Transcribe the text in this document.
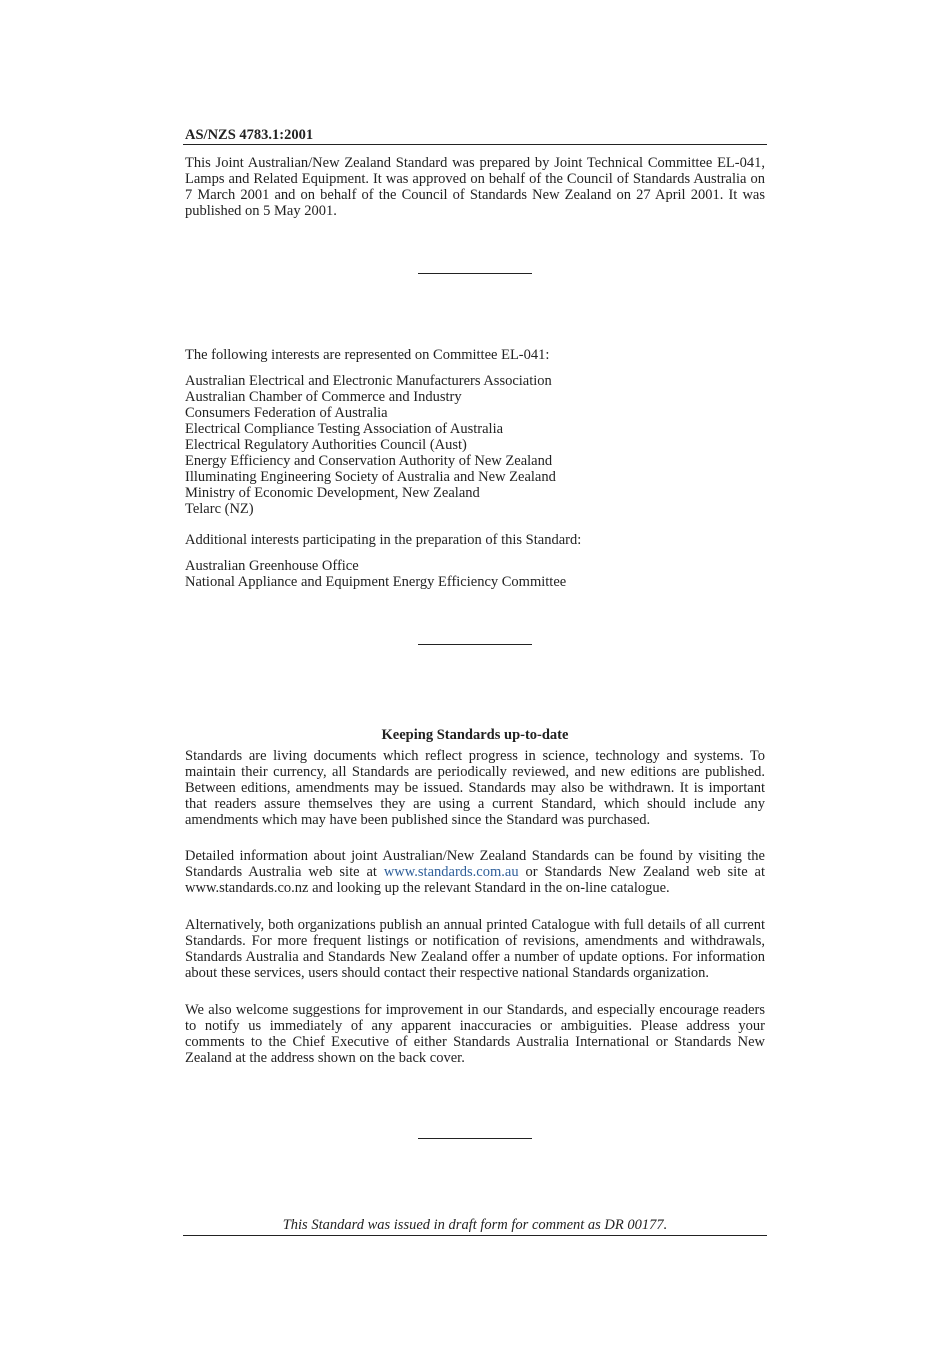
AS/NZS 4783.1:2001
This Joint Australian/New Zealand Standard was prepared by Joint Technical Committee EL-041, Lamps and Related Equipment. It was approved on behalf of the Council of Standards Australia on 7 March 2001 and on behalf of the Council of Standards New Zealand on 27 April 2001. It was published on 5 May 2001.
The following interests are represented on Committee EL-041:
Australian Electrical and Electronic Manufacturers Association
Australian Chamber of Commerce and Industry
Consumers Federation of Australia
Electrical Compliance Testing Association of Australia
Electrical Regulatory Authorities Council (Aust)
Energy Efficiency and Conservation Authority of New Zealand
Illuminating Engineering Society of Australia and New Zealand
Ministry of Economic Development, New Zealand
Telarc (NZ)
Additional interests participating in the preparation of this Standard:
Australian Greenhouse Office
National Appliance and Equipment Energy Efficiency Committee
Keeping Standards up-to-date
Standards are living documents which reflect progress in science, technology and systems. To maintain their currency, all Standards are periodically reviewed, and new editions are published. Between editions, amendments may be issued. Standards may also be withdrawn. It is important that readers assure themselves they are using a current Standard, which should include any amendments which may have been published since the Standard was purchased.
Detailed information about joint Australian/New Zealand Standards can be found by visiting the Standards Australia web site at www.standards.com.au or Standards New Zealand web site at www.standards.co.nz and looking up the relevant Standard in the on-line catalogue.
Alternatively, both organizations publish an annual printed Catalogue with full details of all current Standards. For more frequent listings or notification of revisions, amendments and withdrawals, Standards Australia and Standards New Zealand offer a number of update options. For information about these services, users should contact their respective national Standards organization.
We also welcome suggestions for improvement in our Standards, and especially encourage readers to notify us immediately of any apparent inaccuracies or ambiguities. Please address your comments to the Chief Executive of either Standards Australia International or Standards New Zealand at the address shown on the back cover.
This Standard was issued in draft form for comment as DR 00177.
